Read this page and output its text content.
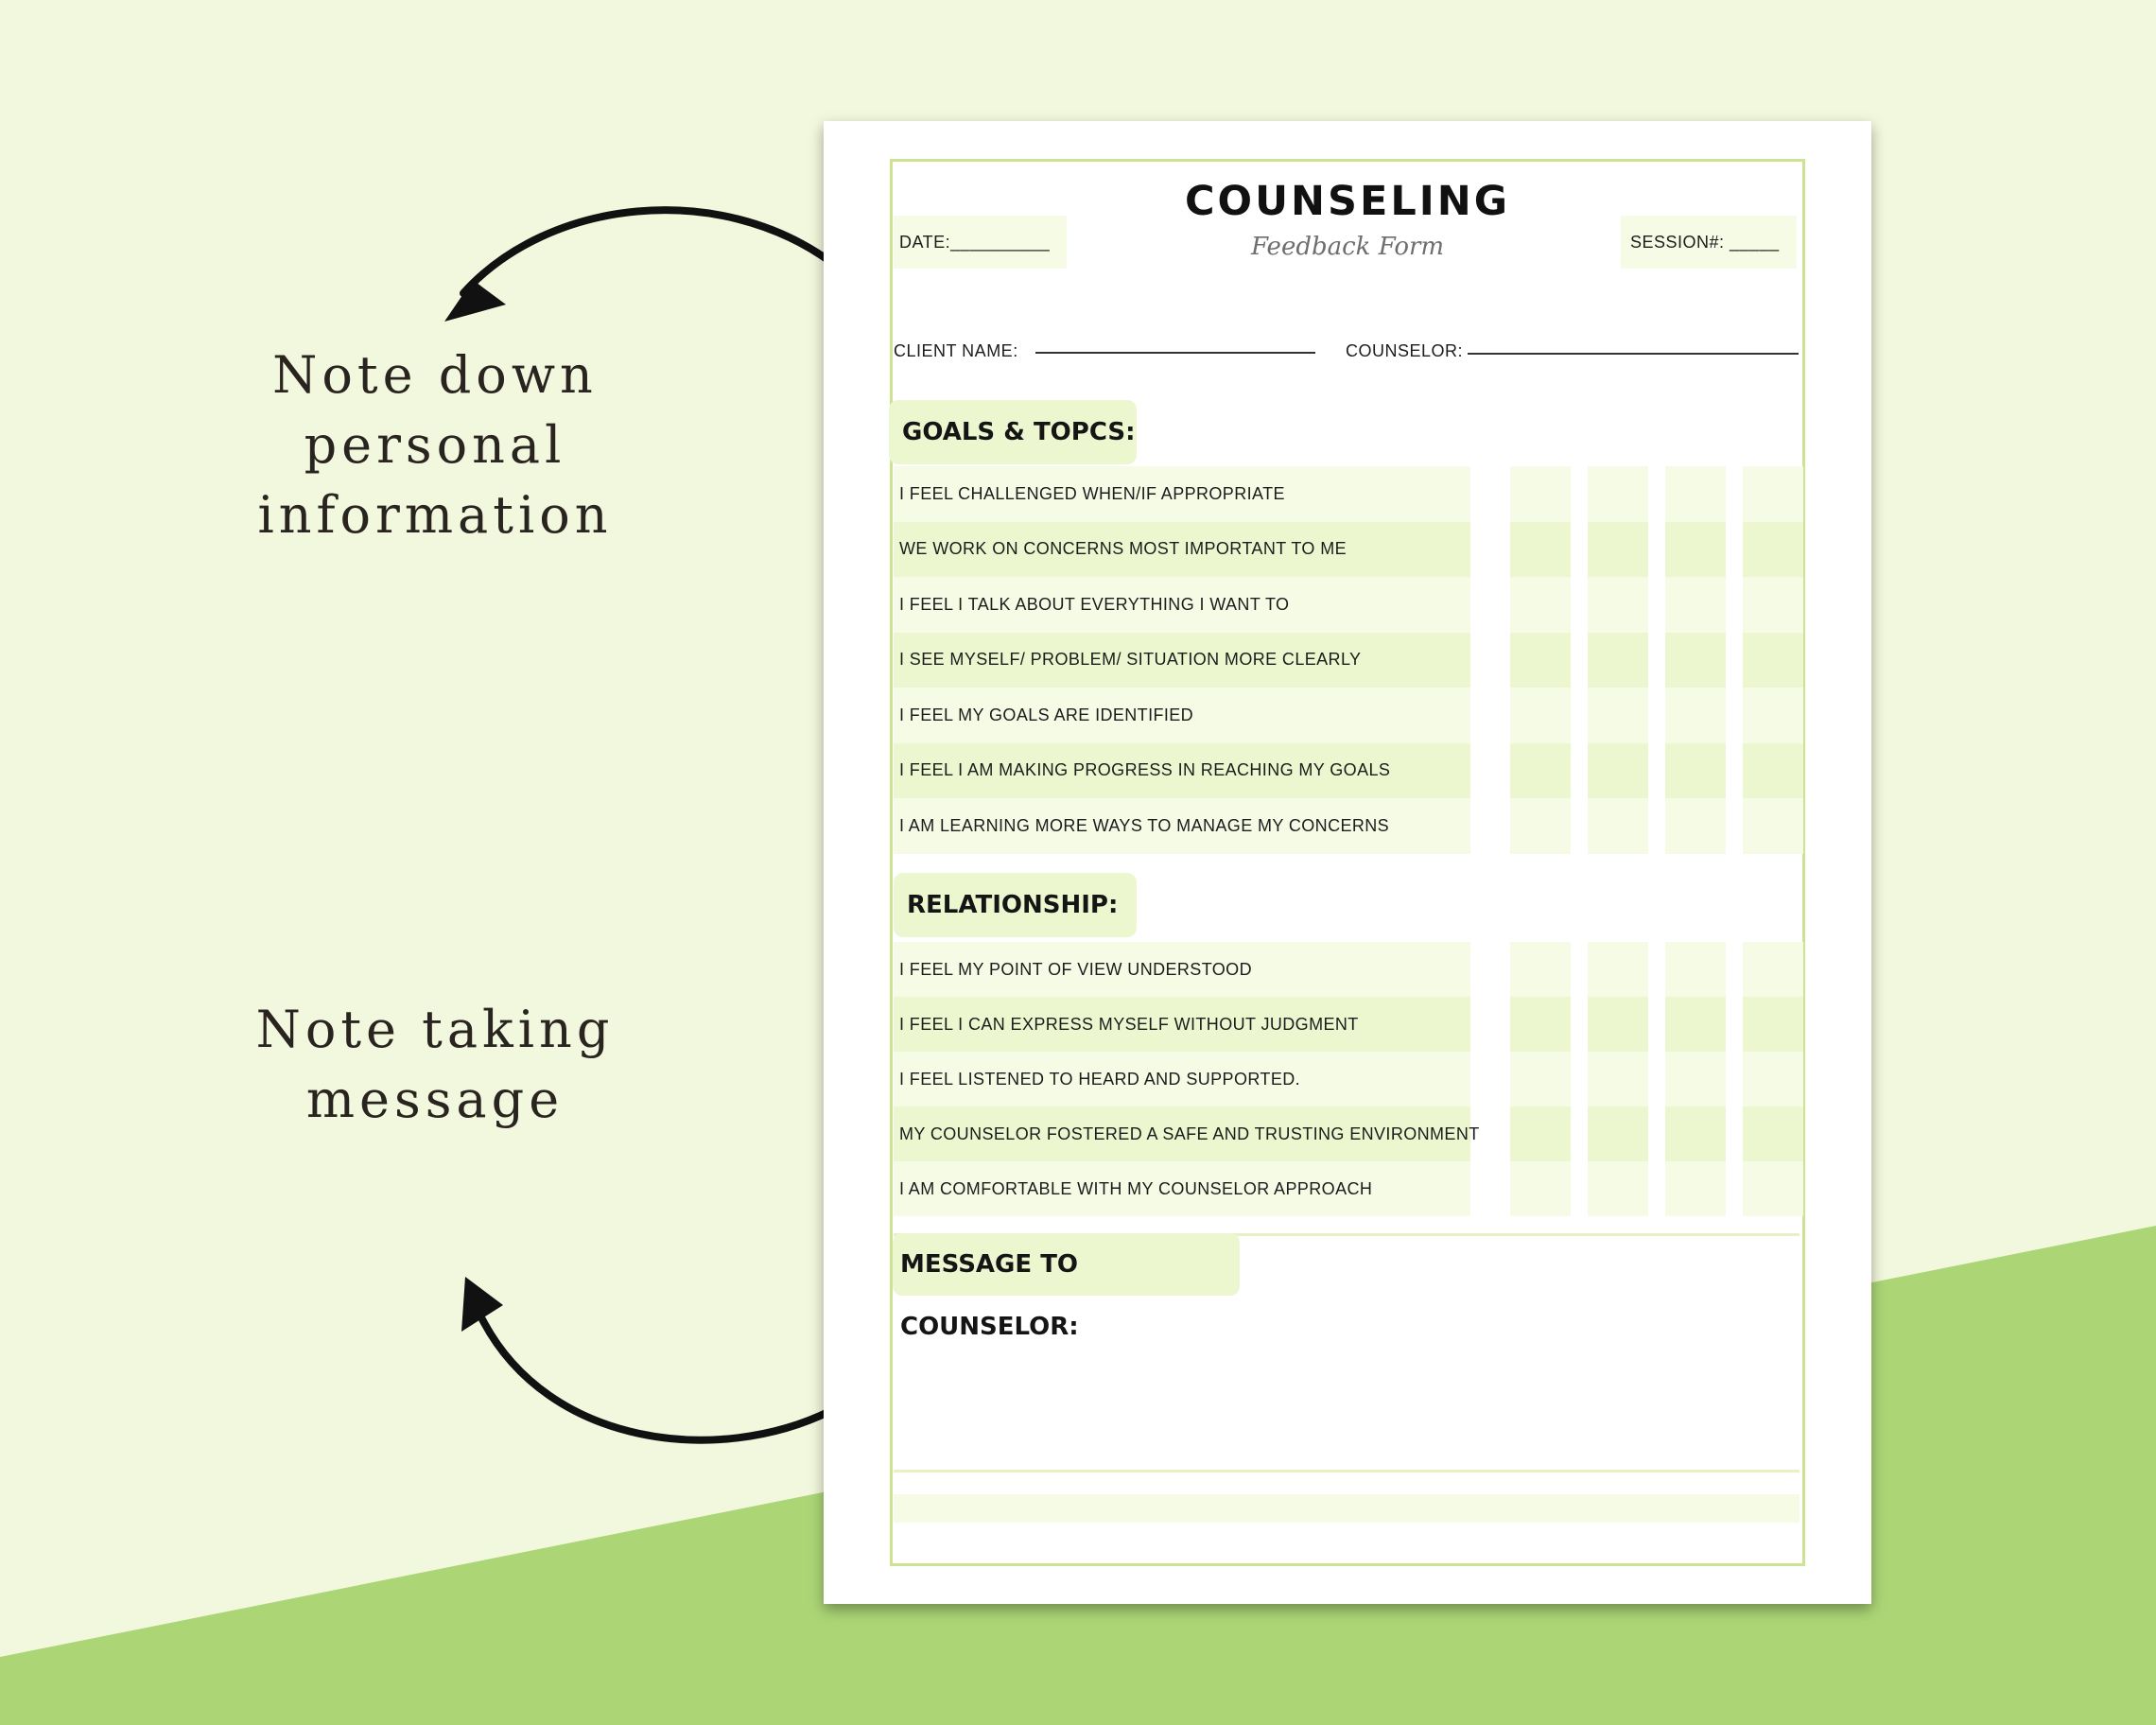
Note down
personal
information
Note taking
message
COUNSELING
Feedback Form
DATE:__________	SESSION#: _____
CLIENT NAME:	COUNSELOR:
GOALS & TOPCS:
I FEEL CHALLENGED WHEN/IF APPROPRIATE
WE WORK ON CONCERNS MOST IMPORTANT TO ME
I FEEL I TALK ABOUT EVERYTHING I WANT TO
I SEE MYSELF/ PROBLEM/ SITUATION MORE CLEARLY
I FEEL MY GOALS ARE IDENTIFIED
I FEEL I AM MAKING PROGRESS IN REACHING MY GOALS
I AM LEARNING MORE WAYS TO MANAGE MY CONCERNS
RELATIONSHIP:
I FEEL MY POINT OF VIEW UNDERSTOOD
I FEEL I CAN EXPRESS MYSELF WITHOUT JUDGMENT
I FEEL LISTENED TO HEARD AND SUPPORTED.
MY COUNSELOR FOSTERED A SAFE AND TRUSTING ENVIRONMENT
I AM COMFORTABLE WITH MY COUNSELOR APPROACH
MESSAGE TO COUNSELOR:
